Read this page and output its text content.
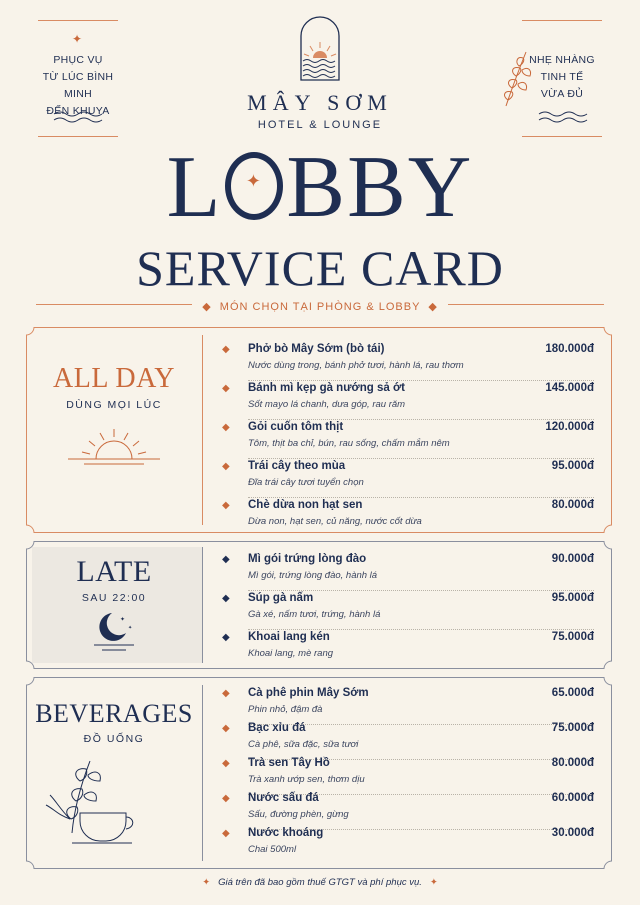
✦
PHỤC VỤ
TỪ LÚC BÌNH MINH
ĐẾN KHUYA
NHẸ NHÀNG
TINH TẾ
VỪA ĐỦ
MÂY SƠM
HOTEL & LOUNGE
L	✦ BBY
SERVICE CARD
◆ MÓN CHỌN TẠI PHÒNG & LOBBY ◆
ALL DAY
DÙNG MỌI LÚC
◆ Phở bò Mây Sớm (bò tái)
Nước dùng trong, bánh phở tươi, hành lá, rau thơm
180.000đ
◆ Bánh mì kẹp gà nướng sả ớt
Sốt mayo lá chanh, dưa góp, rau răm
145.000đ
◆ Gỏi cuốn tôm thịt
Tôm, thịt ba chỉ, bún, rau sống, chấm mắm nêm
120.000đ
◆ Trái cây theo mùa
Đĩa trái cây tươi tuyển chọn
95.000đ
◆ Chè dừa non hạt sen
Dừa non, hạt sen, củ năng, nước cốt dừa
80.000đ
LATE
SAU 22:00
✦
✦
◆ Mì gói trứng lòng đào
Mì gói, trứng lòng đào, hành lá
90.000đ
◆ Súp gà nấm
Gà xé, nấm tươi, trứng, hành lá
95.000đ
◆ Khoai lang kén
Khoai lang, mè rang
75.000đ
BEVERAGES
ĐỒ UỐNG
◆ Cà phê phin Mây Sớm
Phin nhỏ, đậm đà
65.000đ
◆ Bạc xỉu đá
Cà phê, sữa đặc, sữa tươi
75.000đ
◆ Trà sen Tây Hồ
Trà xanh ướp sen, thơm dịu
80.000đ
◆ Nước sấu đá
Sấu, đường phèn, gừng
60.000đ
◆ Nước khoáng
Chai 500ml
30.000đ
✦ Giá trên đã bao gồm thuế GTGT và phí phục vụ. ✦
